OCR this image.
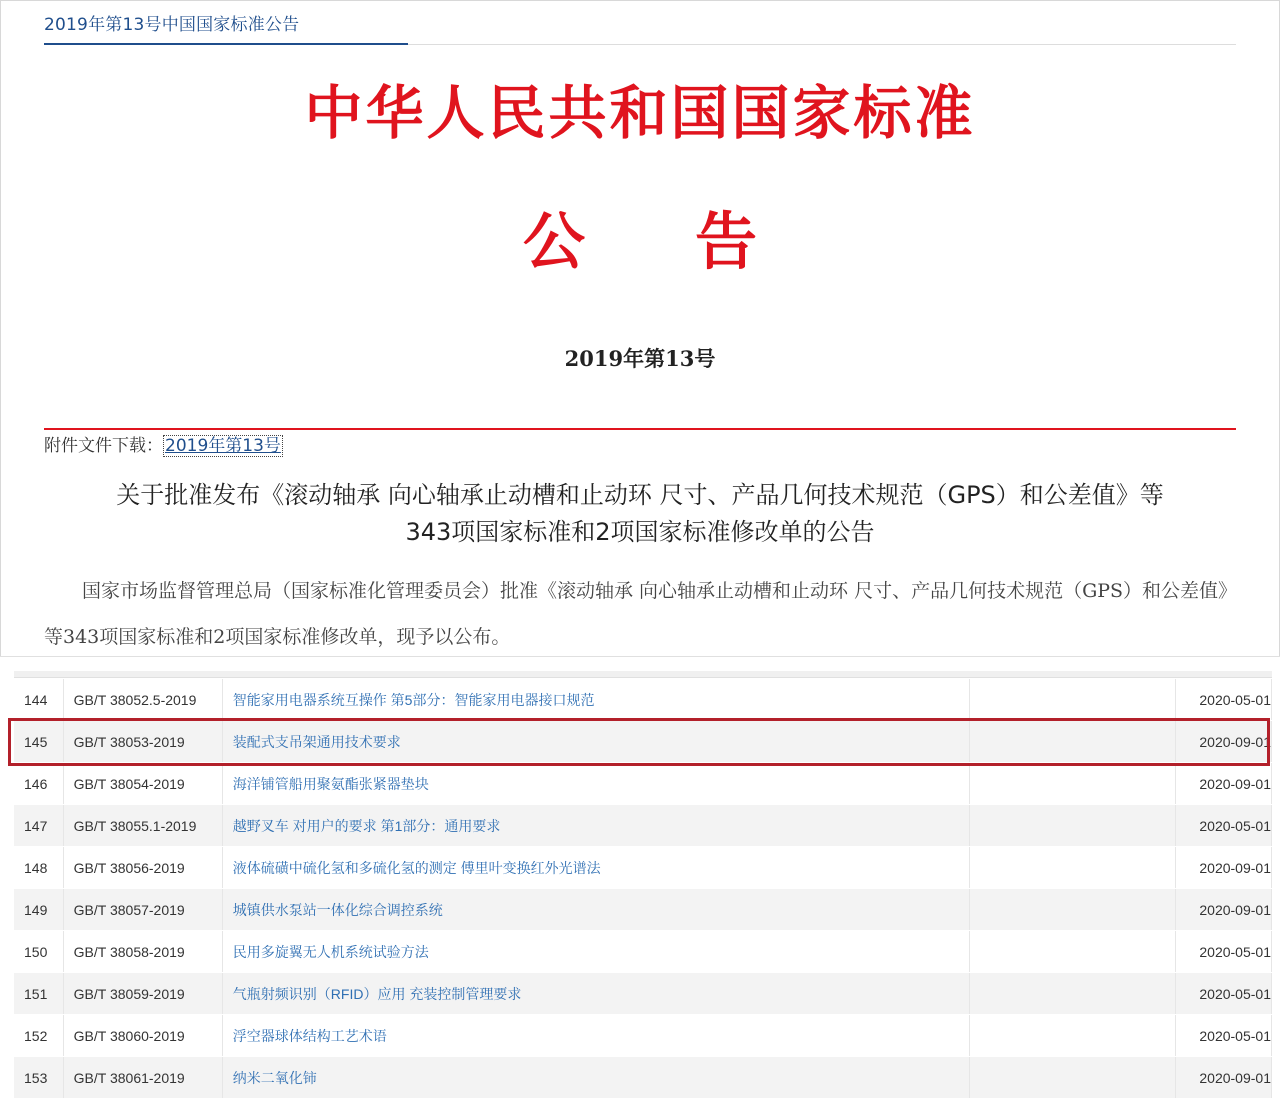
2019年第13号中国国家标准公告
中华人民共和国国家标准
公 告
2019年第13号
附件文件下载： 2019年第13号
关于批准发布《滚动轴承 向心轴承止动槽和止动环 尺寸、产品几何技术规范（GPS）和公差值》等
343项国家标准和2项国家标准修改单的公告
国家市场监督管理总局（国家标准化管理委员会）批准《滚动轴承 向心轴承止动槽和止动环 尺寸、产品几何技术规范（GPS）和公差值》等343项国家标准和2项国家标准修改单，现予以公布。
144	GB/T 38052.5-2019	智能家用电器系统互操作 第5部分：智能家用电器接口规范		2020-05-01
145	GB/T 38053-2019	装配式支吊架通用技术要求		2020-09-01
146	GB/T 38054-2019	海洋铺管船用聚氨酯张紧器垫块		2020-09-01
147	GB/T 38055.1-2019	越野叉车 对用户的要求 第1部分：通用要求		2020-05-01
148	GB/T 38056-2019	液体硫磺中硫化氢和多硫化氢的测定 傅里叶变换红外光谱法		2020-09-01
149	GB/T 38057-2019	城镇供水泵站一体化综合调控系统		2020-09-01
150	GB/T 38058-2019	民用多旋翼无人机系统试验方法		2020-05-01
151	GB/T 38059-2019	气瓶射频识别（RFID）应用 充装控制管理要求		2020-05-01
152	GB/T 38060-2019	浮空器球体结构工艺术语		2020-05-01
153	GB/T 38061-2019	纳米二氧化铈		2020-09-01
